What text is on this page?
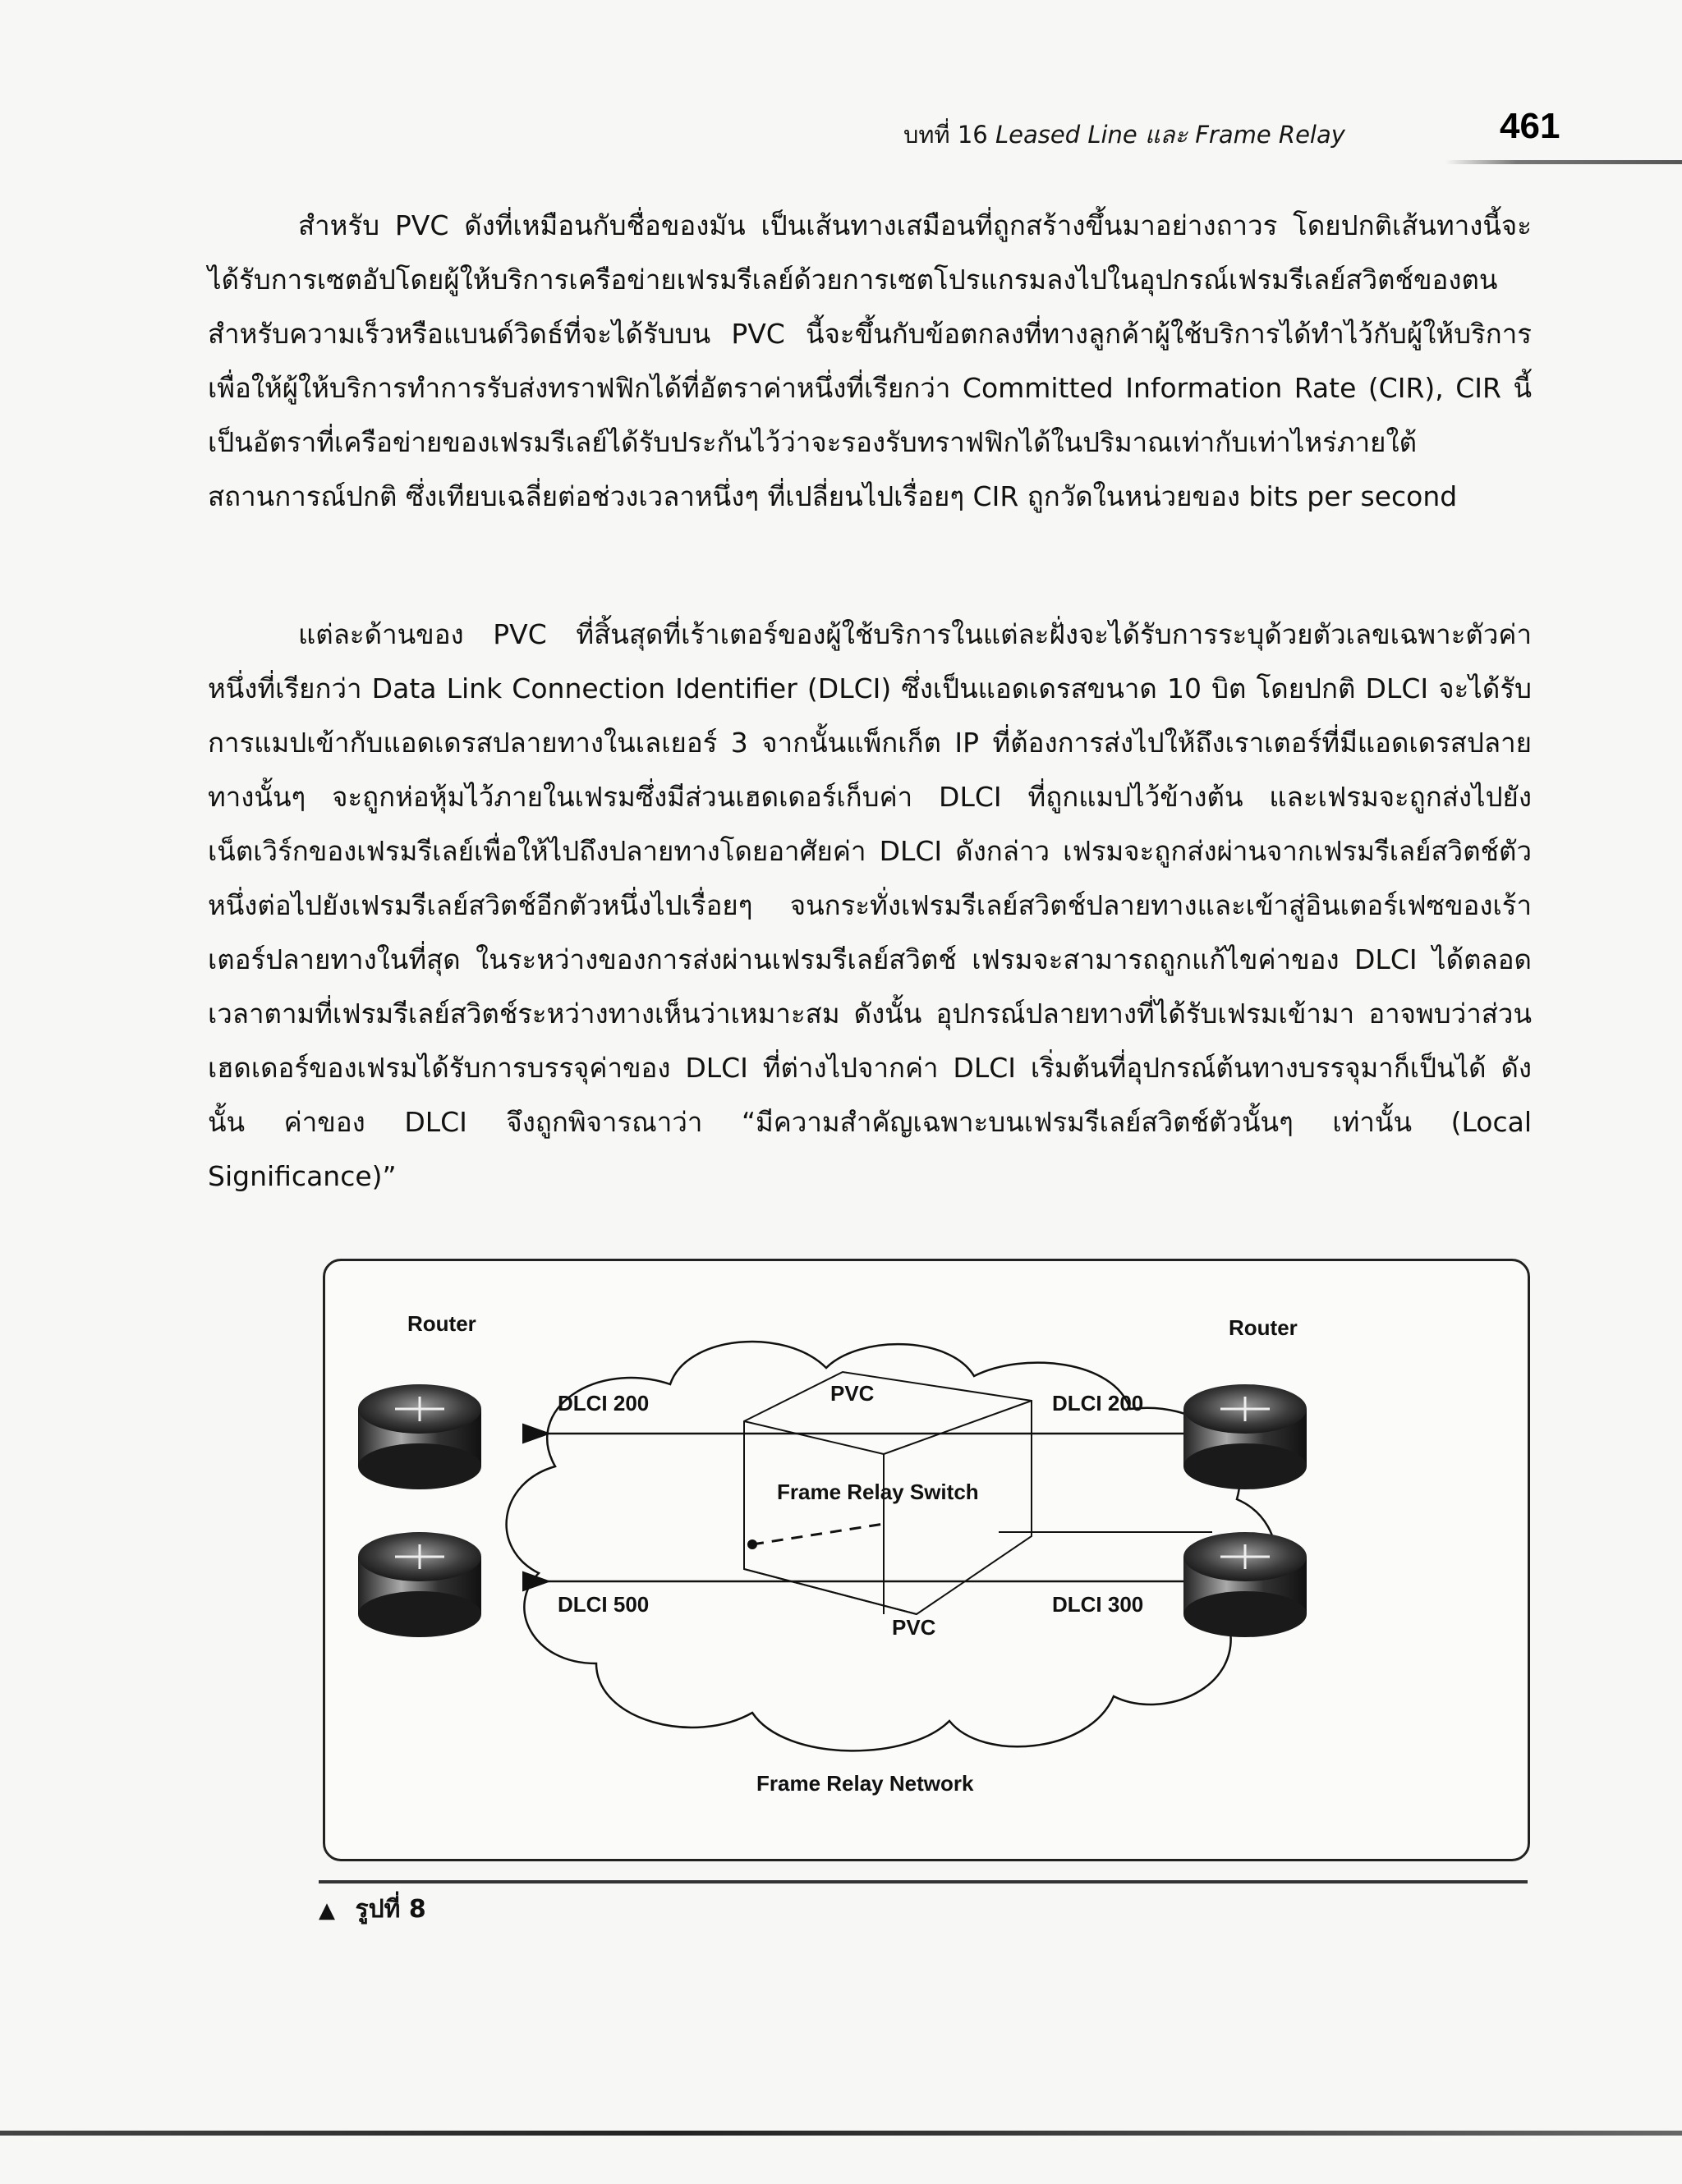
บทที่ 16 Leased Line และ Frame Relay	461

สำหรับ PVC ดังที่เหมือนกับชื่อของมัน เป็นเส้นทางเสมือนที่ถูกสร้างขึ้นมาอย่างถาวร โดยปกติเส้นทางนี้จะได้รับการเซตอัปโดยผู้ให้บริการเครือข่ายเฟรมรีเลย์ด้วยการเซตโปรแกรมลงไปในอุปกรณ์เฟรมรีเลย์สวิตช์ของตน สำหรับความเร็วหรือแบนด์วิดธ์ที่จะได้รับบน PVC นี้จะขึ้นกับข้อตกลงที่ทางลูกค้าผู้ใช้บริการได้ทำไว้กับผู้ให้บริการ เพื่อให้ผู้ให้บริการทำการรับส่งทราฟฟิกได้ที่อัตราค่าหนึ่งที่เรียกว่า Committed Information Rate (CIR), CIR นี้เป็นอัตราที่เครือข่ายของเฟรมรีเลย์ได้รับประกันไว้ว่าจะรองรับทราฟฟิกได้ในปริมาณเท่ากับเท่าไหร่ภายใต้สถานการณ์ปกติ ซึ่งเทียบเฉลี่ยต่อช่วงเวลาหนึ่งๆ ที่เปลี่ยนไปเรื่อยๆ CIR ถูกวัดในหน่วยของ bits per second

แต่ละด้านของ PVC ที่สิ้นสุดที่เร้าเตอร์ของผู้ใช้บริการในแต่ละฝั่งจะได้รับการระบุด้วยตัวเลขเฉพาะตัวค่าหนึ่งที่เรียกว่า Data Link Connection Identifier (DLCI) ซึ่งเป็นแอดเดรสขนาด 10 บิต โดยปกติ DLCI จะได้รับการแมปเข้ากับแอดเดรสปลายทางในเลเยอร์ 3 จากนั้นแพ็กเก็ต IP ที่ต้องการส่งไปให้ถึงเราเตอร์ที่มีแอดเดรสปลายทางนั้นๆ จะถูกห่อหุ้มไว้ภายในเฟรมซึ่งมีส่วนเฮดเดอร์เก็บค่า DLCI ที่ถูกแมปไว้ข้างต้น และเฟรมจะถูกส่งไปยังเน็ตเวิร์กของเฟรมรีเลย์เพื่อให้ไปถึงปลายทางโดยอาศัยค่า DLCI ดังกล่าว เฟรมจะถูกส่งผ่านจากเฟรมรีเลย์สวิตช์ตัวหนึ่งต่อไปยังเฟรมรีเลย์สวิตช์อีกตัวหนึ่งไปเรื่อยๆ จนกระทั่งเฟรมรีเลย์สวิตช์ปลายทางและเข้าสู่อินเตอร์เฟซของเร้าเตอร์ปลายทางในที่สุด ในระหว่างของการส่งผ่านเฟรมรีเลย์สวิตช์ เฟรมจะสามารถถูกแก้ไขค่าของ DLCI ได้ตลอดเวลาตามที่เฟรมรีเลย์สวิตช์ระหว่างทางเห็นว่าเหมาะสม ดังนั้น อุปกรณ์ปลายทางที่ได้รับเฟรมเข้ามา อาจพบว่าส่วนเฮดเดอร์ของเฟรมได้รับการบรรจุค่าของ DLCI ที่ต่างไปจากค่า DLCI เริ่มต้นที่อุปกรณ์ต้นทางบรรจุมาก็เป็นได้ ดังนั้น ค่าของ DLCI จึงถูกพิจารณาว่า “มีความสำคัญเฉพาะบนเฟรมรีเลย์สวิตช์ตัวนั้นๆ เท่านั้น (Local Significance)”

Router	Router
DLCI 200	PVC	DLCI 200
Frame Relay Switch
DLCI 500	DLCI 300
PVC
Frame Relay Network
▲ รูปที่ 8
